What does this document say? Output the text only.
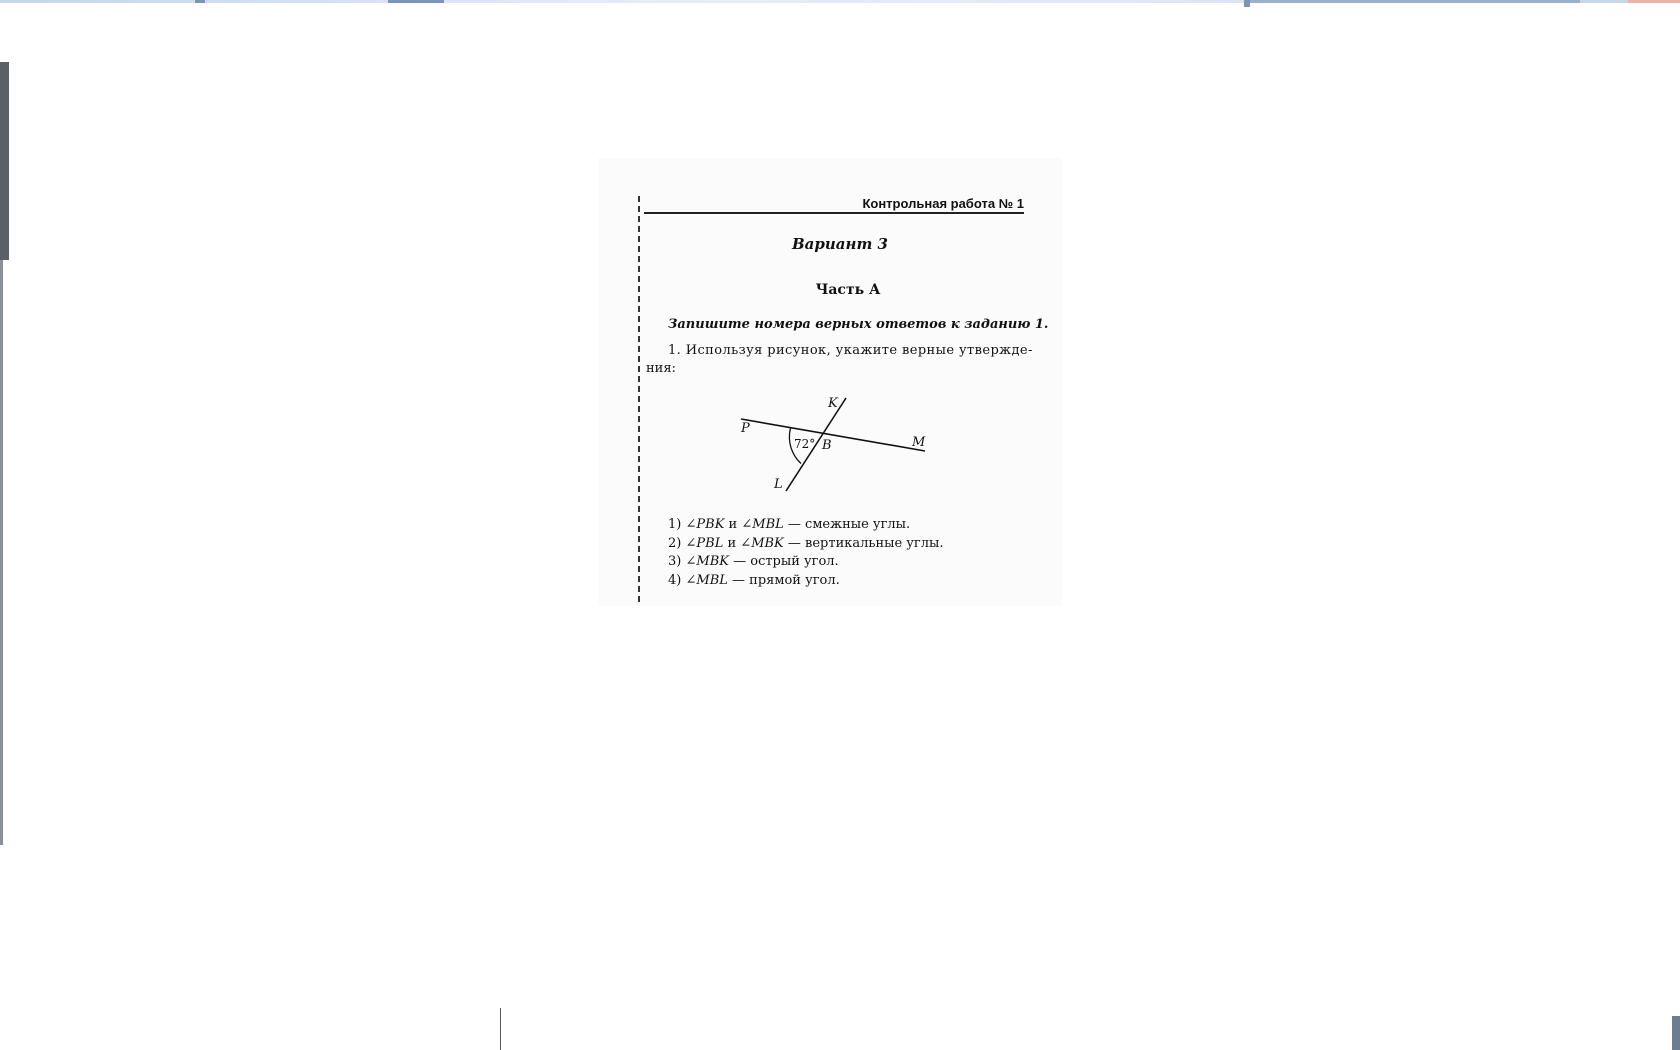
Контрольная работа № 1
Вариант 3
Часть А
Запишите номера верных ответов к заданию 1.
1. Используя рисунок, укажите верные утвержде-
ния:
K
P
M
B
L
72°
1) ∠PBK и ∠MBL — смежные углы.
2) ∠PBL и ∠MBK — вертикальные углы.
3) ∠MBK — острый угол.
4) ∠MBL — прямой угол.
